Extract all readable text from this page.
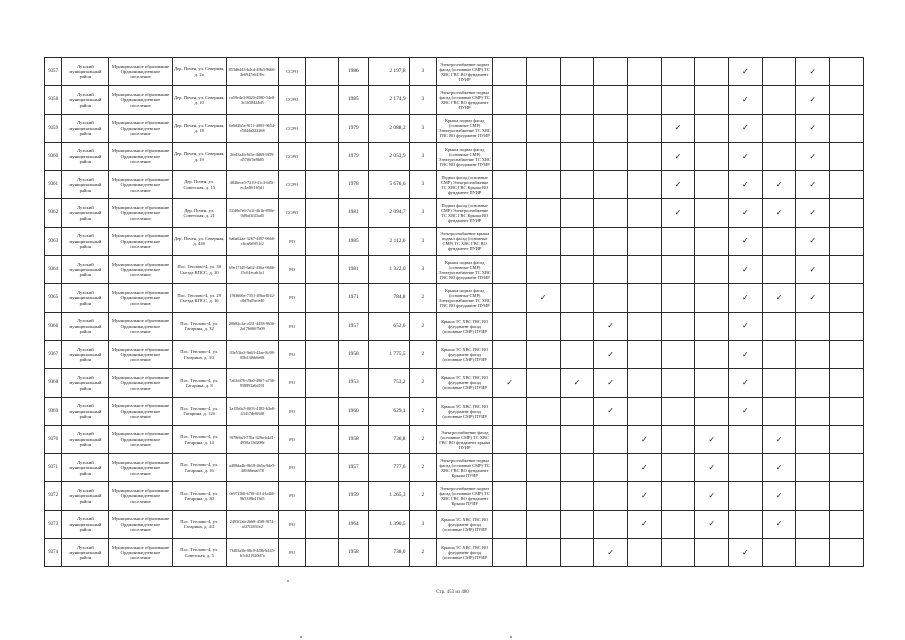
9357	Лухский муниципальный район	Муниципальное образование Орджоникидзевское поселение	Дер. Почен, ул. Северная, д. 2а	853d6443-b4cd-49b3-9666-2e6947e6439c	ССРО		1986	2 197,8	3	Электроснабжение подвал фасад (основные СМР) ТС ХВС ГВС ВО фундамент ПУИР								✓		✓	
9358	Лухский муниципальный район	Муниципальное образование Орджоникидзевское поселение	Дер. Почен, ул. Северная, д. 10	ca59e4e3-8620-4580-54e8-3c1658424d5	ССРО		1985	2 174,9	3	Электроснабжение подвал фасад (основные СМР) ТС ХВС ГВС ВО фундамент ПУИР								✓		✓	
9359	Лухский муниципальный район	Муниципальное образование Орджоникидзевское поселение	Дер. Почен, ул. Северная, д. 18	0e6d2b5a-9f11-4005-9654-c5044a222268	ССРО		1979	2 088,2	3	Крыша подвал фасад (основные СМР) Электроснабжение ТС ХВС ГВС ВО фундамент ПУИР						✓		✓		✓	
9360	Лухский муниципальный район	Муниципальное образование Орджоникидзевское поселение	Дер. Почен, ул. Северная, д. 19	2fe43a4b-6f5e-4d69-9f59-d57f6f5e8b85	ССРО		1979	2 053,9	3	Крыша подвал фасад (основные СМР) Электроснабжение ТС ХВС ГВС ВО фундамент ПУИР						✓		✓		✓	
9361	Лухский муниципальный район	Муниципальное образование Орджоникидзевское поселение	Дер. Почен, ул. Советская, д. 15	4846ece3-7219-41c3-bf5f-ec4e40f165d1	ССРО		1978	5 676,6	3	Подвал фасад (основные СМР) Электроснабжение ТС ХВС ГВС Крыша ВО фундамент ПУИР						✓		✓	✓	✓	
9362	Лухский муниципальный район	Муниципальное образование Орджоникидзевское поселение	Дер. Почен, ул. Советская, д. 21	52d8a7e6-7a1f-4b1b-890e-0d9af3f43ad5	ССРО		1981	2 094,7	3	Подвал фасад (основные СМР) Электроснабжение ТС ХВС ГВС Крыша ВО фундамент ПУИР						✓		✓	✓	✓	
9363	Лухский муниципальный район	Муниципальное образование Орджоникидзевское поселение	Дер. Почен, ул. Северная, д. 44б	6a6a62ae-3267-4f07-9666-c6ca8a9f51f2	РО		1985	2 112,6	3	Электроснабжение крыша подвал фасад (основные СМР) ТС ХВС ГВС ВО фундамент ПУИР								✓		✓	
9364	Лухский муниципальный район	Муниципальное образование Орджоникидзевское поселение	Пос. Теплово-4, ул. 30 Съезда КПСС, д. 10	b9e17f45-6a62-456a-9666-15c61ecab1a1	РО		1981	1 322,0	3	Крыша подвал фасад (основные СМР) Электроснабжение ТС ХВС ГВС ВО фундамент ПУИР								✓		✓	
9365	Лухский муниципальный район	Муниципальное образование Орджоникидзевское поселение	Пос. Теплово-4, ул. 29 Съезда КПСС, д. 16	19f3606e-7351-49ba-8f42-c8d7bd5ece40	РО		1971	784,8	2	Крыша подвал фасад (основные СМР) Электроснабжение ТС ХВС ГВС ВО фундамент ПУИР		✓						✓	✓	✓	
9366	Лухский муниципальный район	Муниципальное образование Орджоникидзевское поселение	Пос. Теплово-4, ул. Гагарина, д. 32	20b82c2a-c631-4438-9656-2a17b6667b09	РО		1957	652,6	2	Крыша ТС ХВС ГВС ВО фундамент фасад (основные СМР) ПУИР				✓				✓			
9367	Лухский муниципальный район	Муниципальное образование Орджоникидзевское поселение	Пос. Теплово-4, ул. Гагарина, д. 3/2	03e53fa3-9a63-42ae-8c98-85b13f6b6e68	РО		1958	1 775,5	2	Крыша ТС ХВС ГВС ВО фундамент фасад (основные СМР) ПУИР				✓				✓			
9368	Лухский муниципальный район	Муниципальное образование Орджоникидзевское поселение	Пос. Теплово-4, ул. Гагарина, д. 8	7a63df76-c9b0-4967-a736-958892a6d191	РО		1953	753,2	2	Крыша ТС ХВС ГВС ВО фундамент фасад (основные СМР) ПУИР	✓		✓	✓				✓			
9369	Лухский муниципальный район	Муниципальное образование Орджоникидзевское поселение	Пос. Теплово-4, ул. Гагарина, д. 12б	2a15b6c5-0f03-4185-b3e8-43417de0f6f8	РО		1960	629,1	2	Крыша ТС ХВС ГВС ВО фундамент фасад (основные СМР) ПУИР				✓				✓			
9370	Лухский муниципальный район	Муниципальное образование Орджоникидзевское поселение	Пос. Теплово-4, ул. Гагарина, д. 14	9f78f6a3-770a-429a-b4d1-4958a13d208e	РО		1958	736,8	2	Электроснабжение фасад (основные СМР) ТС ХВС ГВС ВО фундамент крыша ПУИР					✓		✓		✓		
9371	Лухский муниципальный район	Муниципальное образование Орджоникидзевское поселение	Пос. Теплово-4, ул. Гагарина, д. 16	a408da4b-9b18-4b5a-9de5-4f0f66eaa578	РО		1957	777,6	2	Электроснабжение подвал фасад (основные СМР) ТС ХВС ГВС ВО фундамент Крыша ПУИР					✓		✓		✓		
9372	Лухский муниципальный район	Муниципальное образование Орджоникидзевское поселение	Пос. Теплово-4, ул. Гагарина, д. 30	0e97f166-b70f-4114-bd46-9b53f9b413d5	РО		1959	1 265,3	2	Электроснабжение подвал фасад (основные СМР) ТС ХВС ГВС ВО фундамент Крыша ПУИР					✓		✓		✓		
9373	Лухский муниципальный район	Муниципальное образование Орджоникидзевское поселение	Пос. Теплово-4, ул. Гагарина, д. 4/2	2493f2ab-2bb8-43f8-9f74-a3f7f2831e2	РО		1964	1 390,5	3	Крыша ТС ХВС ГВС ВО фундамент фасад (основные СМР) ПУИР					✓		✓		✓		
9374	Лухский муниципальный район	Муниципальное образование Орджоникидзевское поселение	Пос. Теплово-4, ул. Советская, д. 5	7f403a5b-98c9-4f0b-b445-b1c621920d7a	РО		1958	738,0	2	Крыша ТС ХВС ГВС ВО фундамент фасад (основные СМР) ПУИР				✓				✓			
Стр. 453 из 480
